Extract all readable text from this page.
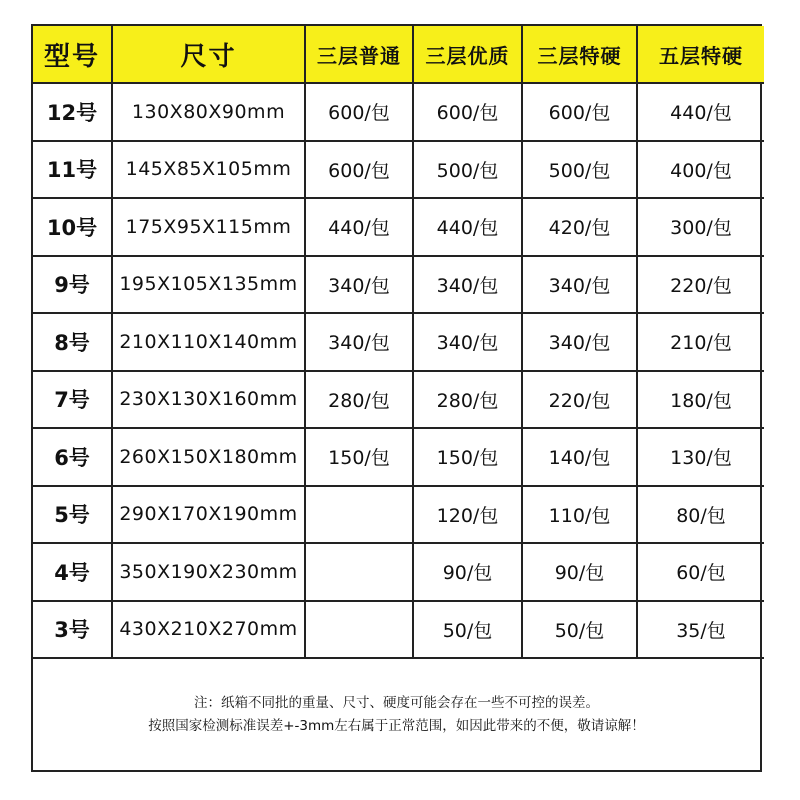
型号	尺寸	三层普通	三层优质	三层特硬	五层特硬
12号	130X80X90mm	600/包	600/包	600/包	440/包
11号	145X85X105mm	600/包	500/包	500/包	400/包
10号	175X95X115mm	440/包	440/包	420/包	300/包
9号	195X105X135mm	340/包	340/包	340/包	220/包
8号	210X110X140mm	340/包	340/包	340/包	210/包
7号	230X130X160mm	280/包	280/包	220/包	180/包
6号	260X150X180mm	150/包	150/包	140/包	130/包
5号	290X170X190mm		120/包	110/包	80/包
4号	350X190X230mm		90/包	90/包	60/包
3号	430X210X270mm		50/包	50/包	35/包
注：纸箱不同批的重量、尺寸、硬度可能会存在一些不可控的误差。
按照国家检测标准误差+-3mm左右属于正常范围，如因此带来的不便，敬请谅解！
